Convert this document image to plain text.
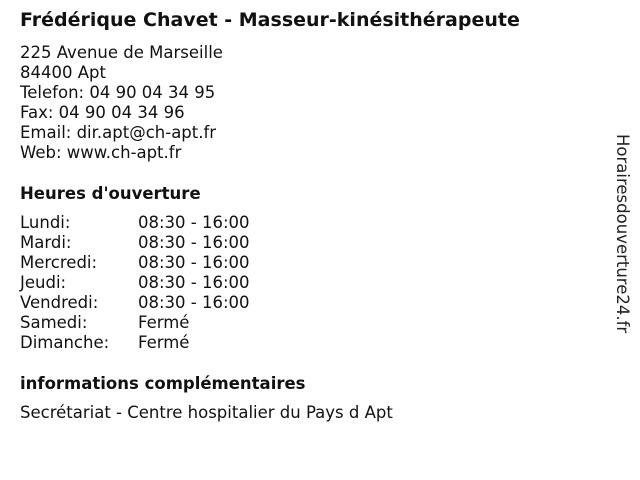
Frédérique Chavet - Masseur-kinésithérapeute
225 Avenue de Marseille
84400 Apt
Telefon: 04 90 04 34 95
Fax: 04 90 04 34 96
Email: dir.apt@ch-apt.fr
Web: www.ch-apt.fr
Heures d'ouverture
Lundi:	08:30 - 16:00
Mardi:	08:30 - 16:00
Mercredi: 08:30 - 16:00
Jeudi:	08:30 - 16:00
Vendredi: 08:30 - 16:00
Samedi:	Fermé
Dimanche: Fermé
informations complémentaires
Secrétariat - Centre hospitalier du Pays d Apt
Horairesdouverture24.fr
